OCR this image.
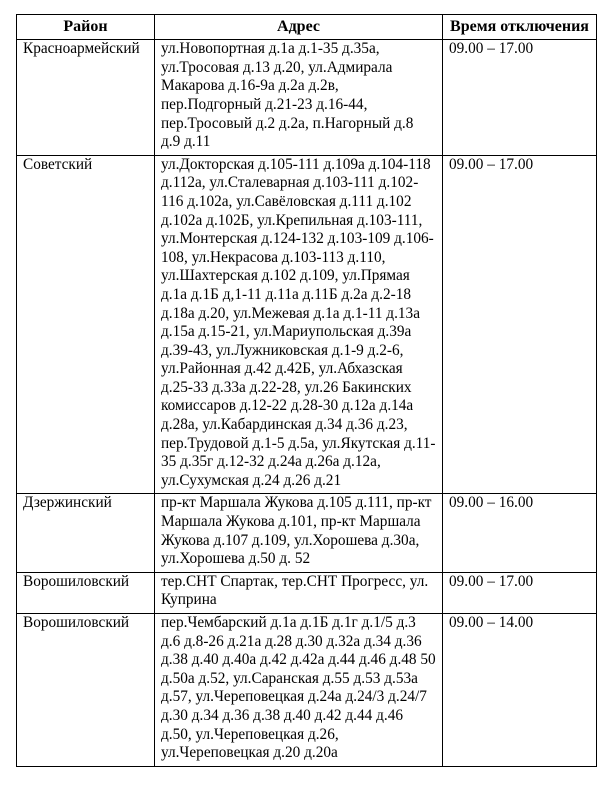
Район	Адрес	Время отключения
Красноармейский	ул.Новопортная д.1а д.1-35 д.35а, ул.Тросовая д.13 д.20, ул.Адмирала Макарова д.16-9а д.2а д.2в, пер.Подгорный д.21-23 д.16-44, пер.Тросовый д.2 д.2а, п.Нагорный д.8 д.9 д.11	09.00 – 17.00
Советский	ул.Докторская д.105-111 д.109а д.104-118 д.112а, ул.Сталеварная д.103-111 д.102-116 д.102а, ул.Савёловская д.111 д.102 д.102а д.102Б, ул.Крепильная д.103-111, ул.Монтерская д.124-132 д.103-109 д.106-108, ул.Некрасова д.103-113 д.110, ул.Шахтерская д.102 д.109, ул.Прямая д.1а д.1Б д,1-11 д.11а д.11Б д.2а д.2-18 д.18а д.20, ул.Межевая д.1а д.1-11 д.13а д.15а д.15-21, ул.Мариупольская д.39а д.39-43, ул.Лужниковская д.1-9 д.2-6, ул.Районная д.42 д.42Б, ул.Абхазская д.25-33 д.33а д.22-28, ул.26 Бакинских комиссаров д.12-22 д.28-30 д.12а д.14а д.28а, ул.Кабардинская д.34 д.36 д.23, пер.Трудовой д.1-5 д.5а, ул.Якутская д.11-35 д.35г д.12-32 д.24а д.26а д.12а, ул.Сухумская д.24 д.26 д.21	09.00 – 17.00
Дзержинский	пр-кт Маршала Жукова д.105 д.111, пр-кт Маршала Жукова д.101, пр-кт Маршала Жукова д.107 д.109, ул.Хорошева д.30а, ул.Хорошева д.50 д. 52	09.00 – 16.00
Ворошиловский	тер.СНТ Спартак, тер.СНТ Прогресс, ул. Куприна	09.00 – 17.00
Ворошиловский	пер.Чембарский д.1а д.1Б д.1г д.1/5 д.3 д.6 д.8-26 д.21а д.28 д.30 д.32а д.34 д.36 д.38 д.40 д.40а д.42 д.42а д.44 д.46 д.48 50 д.50а д.52, ул.Саранская д.55 д.53 д.53а д.57, ул.Череповецкая д.24а д.24/3 д.24/7 д.30 д.34 д.36 д.38 д.40 д.42 д.44 д.46 д.50, ул.Череповецкая д.26, ул.Череповецкая д.20 д.20а	09.00 – 14.00
